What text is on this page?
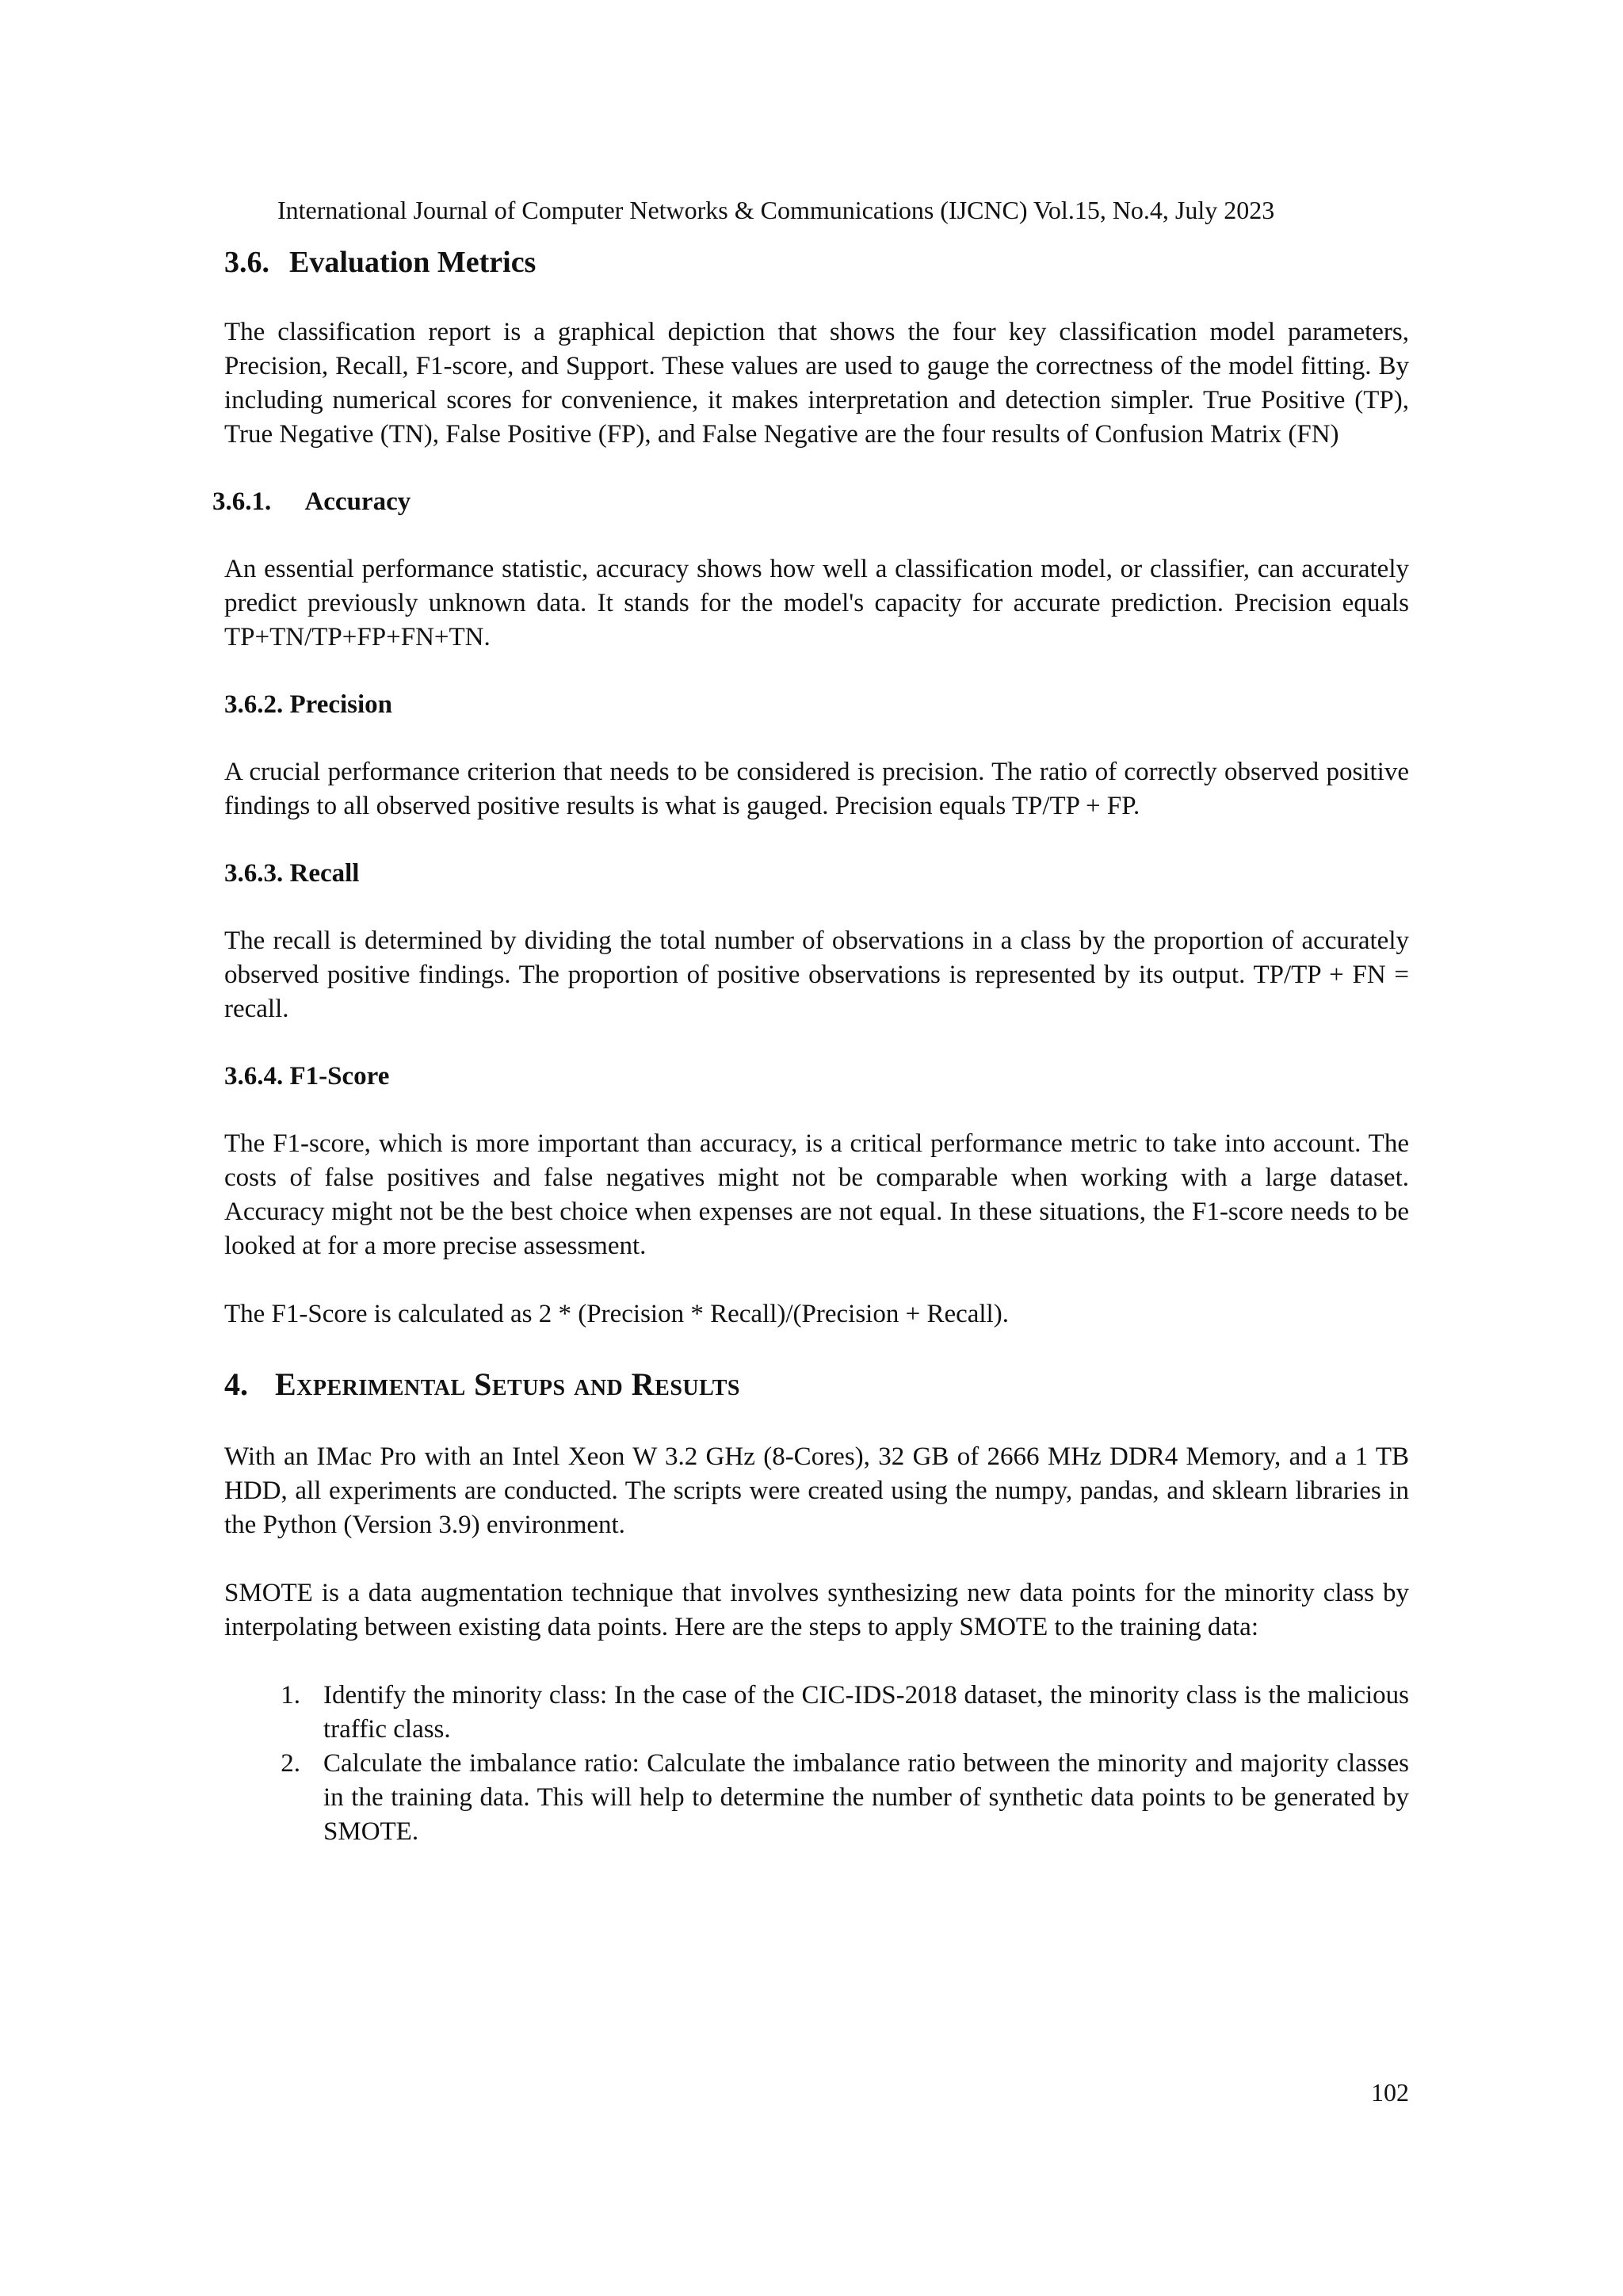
International Journal of Computer Networks & Communications (IJCNC) Vol.15, No.4, July 2023
3.6. Evaluation Metrics

The classification report is a graphical depiction that shows the four key classification model parameters, Precision, Recall, F1-score, and Support. These values are used to gauge the correctness of the model fitting. By including numerical scores for convenience, it makes interpretation and detection simpler. True Positive (TP), True Negative (TN), False Positive (FP), and False Negative are the four results of Confusion Matrix (FN)

3.6.1. Accuracy

An essential performance statistic, accuracy shows how well a classification model, or classifier, can accurately predict previously unknown data. It stands for the model's capacity for accurate prediction. Precision equals TP+TN/TP+FP+FN+TN.

3.6.2. Precision

A crucial performance criterion that needs to be considered is precision. The ratio of correctly observed positive findings to all observed positive results is what is gauged. Precision equals TP/TP + FP.

3.6.3. Recall

The recall is determined by dividing the total number of observations in a class by the proportion of accurately observed positive findings. The proportion of positive observations is represented by its output. TP/TP + FN = recall.

3.6.4. F1-Score

The F1-score, which is more important than accuracy, is a critical performance metric to take into account. The costs of false positives and false negatives might not be comparable when working with a large dataset. Accuracy might not be the best choice when expenses are not equal. In these situations, the F1-score needs to be looked at for a more precise assessment.

The F1-Score is calculated as 2 * (Precision * Recall)/(Precision + Recall).

4. Experimental Setups and Results

With an IMac Pro with an Intel Xeon W 3.2 GHz (8-Cores), 32 GB of 2666 MHz DDR4 Memory, and a 1 TB HDD, all experiments are conducted. The scripts were created using the numpy, pandas, and sklearn libraries in the Python (Version 3.9) environment.

SMOTE is a data augmentation technique that involves synthesizing new data points for the minority class by interpolating between existing data points. Here are the steps to apply SMOTE to the training data:

1. Identify the minority class: In the case of the CIC-IDS-2018 dataset, the minority class is the malicious traffic class.
2. Calculate the imbalance ratio: Calculate the imbalance ratio between the minority and majority classes in the training data. This will help to determine the number of synthetic data points to be generated by SMOTE.
102
